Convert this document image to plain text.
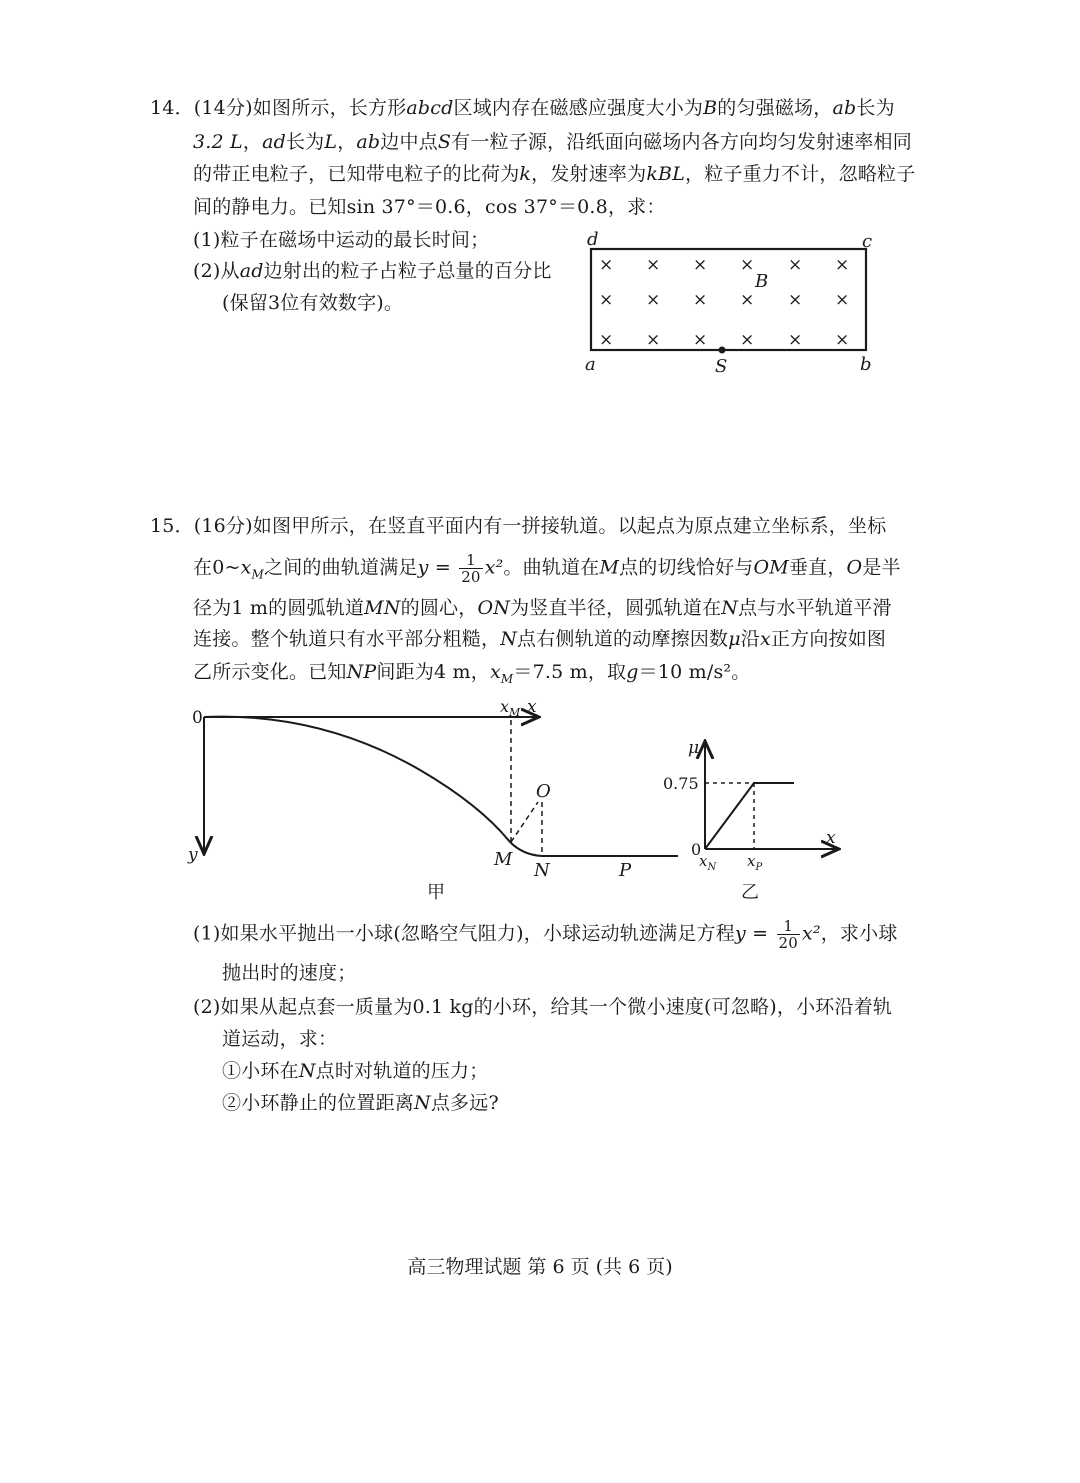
14．(14分)如图所示，长方形abcd区域内存在磁感应强度大小为B的匀强磁场，ab长为
3.2 L，ad长为L，ab边中点S有一粒子源，沿纸面向磁场内各方向均匀发射速率相同
的带正电粒子，已知带电粒子的比荷为k，发射速率为kBL，粒子重力不计，忽略粒子
间的静电力。已知sin 37°＝0.6，cos 37°＝0.8，求：
(1)粒子在磁场中运动的最长时间；
(2)从ad边射出的粒子占粒子总量的百分比
(保留3位有效数字)。
× × × × × ×
× × × × × ×
× × × × × ×
d	c
a	b
S
B
15．(16分)如图甲所示，在竖直平面内有一拼接轨道。以起点为原点建立坐标系，坐标
在$0\sim x_M$之间的曲轨道满足$y = \frac{1}{20} x^2$。曲轨道在M点的切线恰好与OM垂直，O是半
径为1 m的圆弧轨道MN的圆心，ON为竖直半径，圆弧轨道在N点与水平轨道平滑
连接。整个轨道只有水平部分粗糙，N点右侧轨道的动摩擦因数μ沿x正方向按如图
乙所示变化。已知NP间距为4 m，$x_M=7.5$ m，取g＝10 m/s²。
0
$x_M$ x
y
O
M
N	P
甲
μ
0.75
0
x
$x_N$ $x_P$
乙
(1)如果水平抛出一小球(忽略空气阻力)，小球运动轨迹满足方程$y = \frac{1}{20} x^2$，求小球
抛出时的速度；
(2)如果从起点套一质量为0.1 kg的小环，给其一个微小速度(可忽略)，小环沿着轨
道运动，求：
①小环在N点时对轨道的压力；
②小环静止的位置距离N点多远?
高三物理试题 第 6 页 (共 6 页)
